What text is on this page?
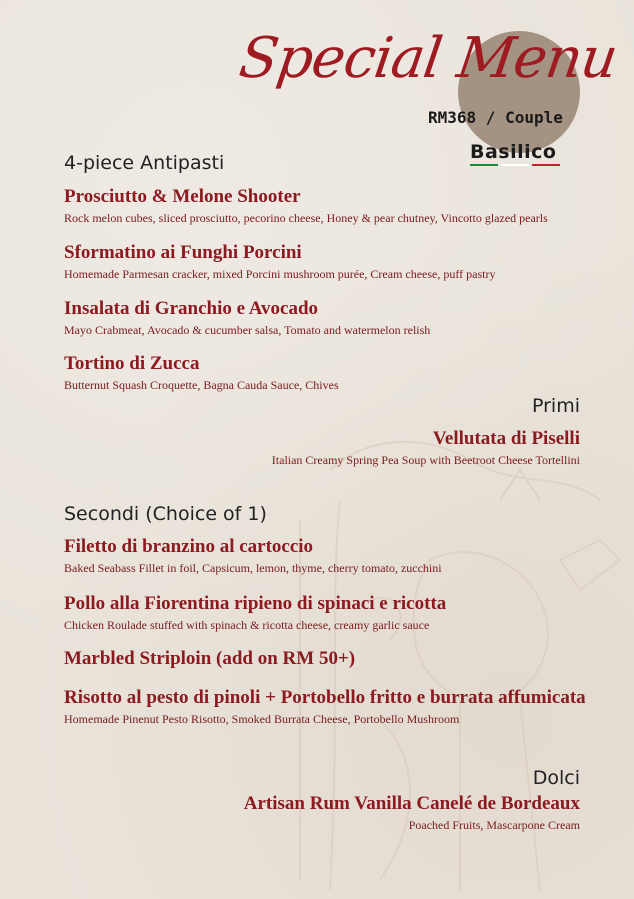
Special Menu
RM368 / Couple
Basilico
4-piece Antipasti
Prosciutto & Melone Shooter
Rock melon cubes, sliced prosciutto, pecorino cheese, Honey & pear chutney, Vincotto glazed pearls
Sformatino ai Funghi Porcini
Homemade Parmesan cracker, mixed Porcini mushroom purée, Cream cheese, puff pastry
Insalata di Granchio e Avocado
Mayo Crabmeat, Avocado & cucumber salsa, Tomato and watermelon relish
Tortino di Zucca
Butternut Squash Croquette, Bagna Cauda Sauce, Chives
Primi
Vellutata di Piselli
Italian Creamy Spring Pea Soup with Beetroot Cheese Tortellini
Secondi (Choice of 1)
Filetto di branzino al cartoccio
Baked Seabass Fillet in foil, Capsicum, lemon, thyme, cherry tomato, zucchini
Pollo alla Fiorentina ripieno di spinaci e ricotta
Chicken Roulade stuffed with spinach & ricotta cheese, creamy garlic sauce
Marbled Striploin (add on RM 50+)
Risotto al pesto di pinoli + Portobello fritto e burrata affumicata
Homemade Pinenut Pesto Risotto, Smoked Burrata Cheese, Portobello Mushroom
Dolci
Artisan Rum Vanilla Canelé de Bordeaux
Poached Fruits, Mascarpone Cream
